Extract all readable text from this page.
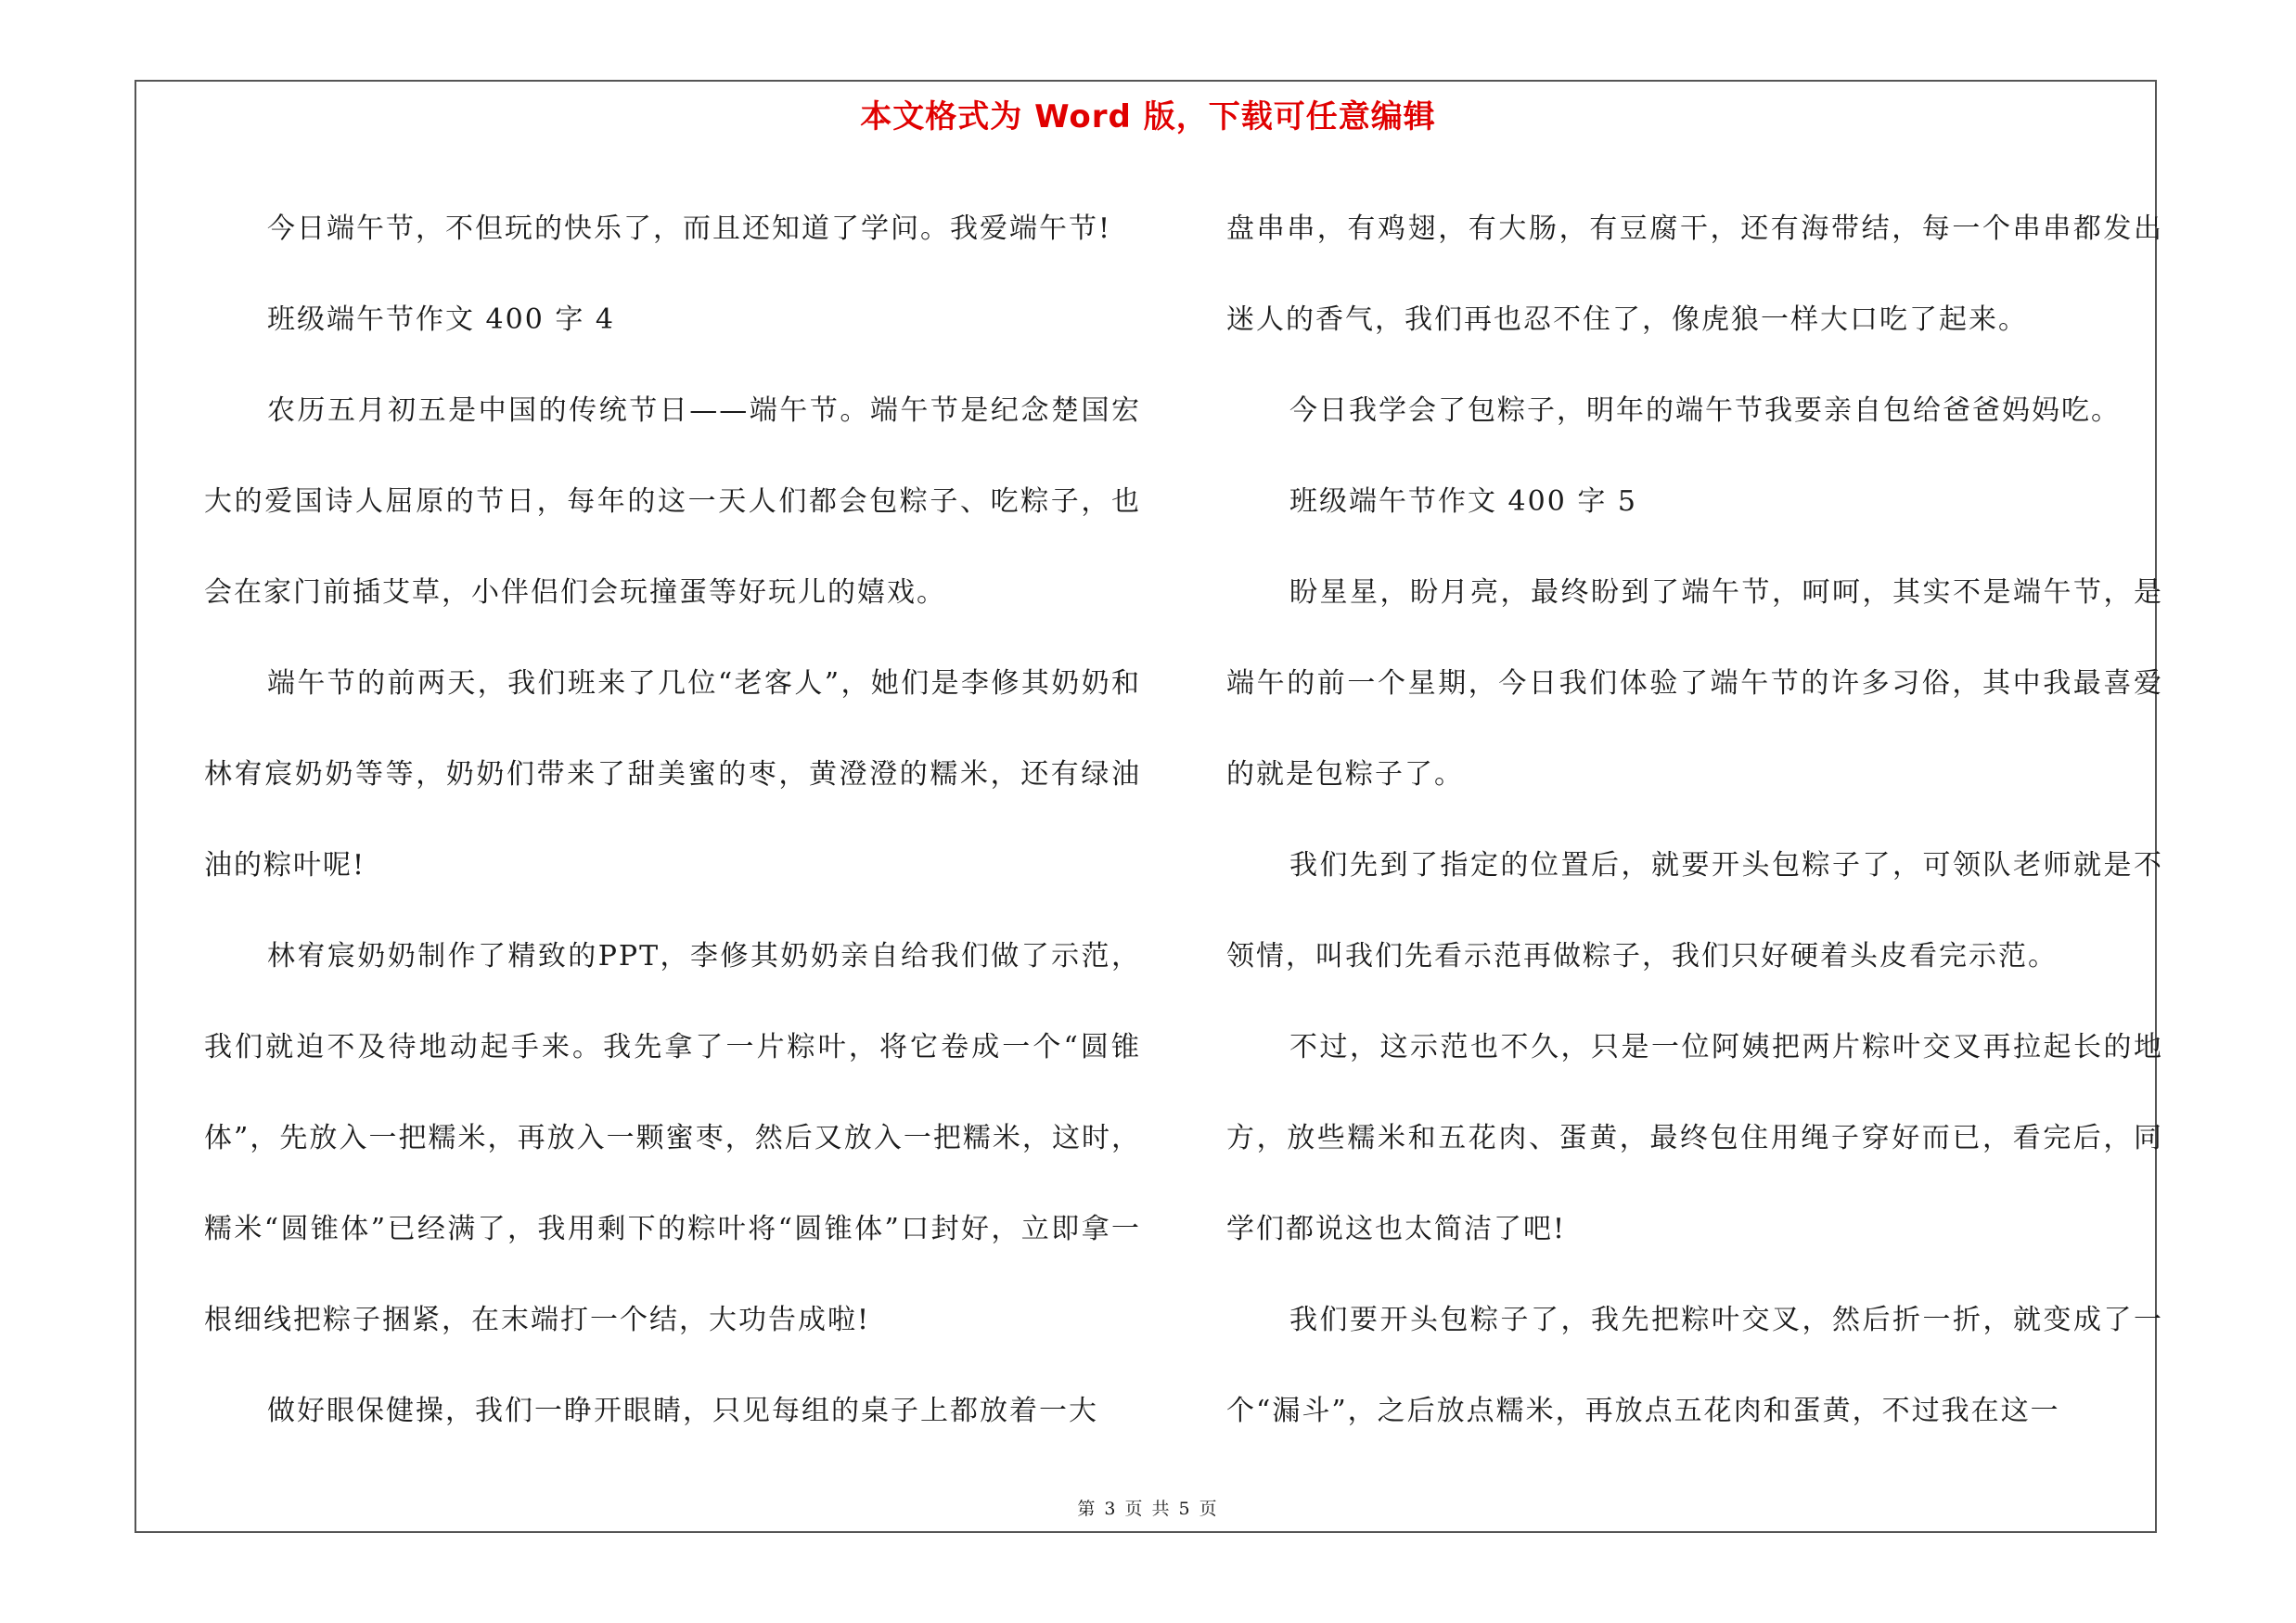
本文格式为 Word 版，下载可任意编辑

今日端午节，不但玩的快乐了，而且还知道了学问。我爱端午节!

班级端午节作文 400 字 4

农历五月初五是中国的传统节日——端午节。端午节是纪念楚国宏大的爱国诗人屈原的节日，每年的这一天人们都会包粽子、吃粽子，也会在家门前插艾草，小伴侣们会玩撞蛋等好玩儿的嬉戏。

端午节的前两天，我们班来了几位“老客人”，她们是李修其奶奶和林宥宸奶奶等等，奶奶们带来了甜美蜜的枣，黄澄澄的糯米，还有绿油油的粽叶呢!

林宥宸奶奶制作了精致的PPT，李修其奶奶亲自给我们做了示范，我们就迫不及待地动起手来。我先拿了一片粽叶，将它卷成一个“圆锥体”，先放入一把糯米，再放入一颗蜜枣，然后又放入一把糯米，这时，糯米“圆锥体”已经满了，我用剩下的粽叶将“圆锥体”口封好，立即拿一根细线把粽子捆紧，在末端打一个结，大功告成啦!

做好眼保健操，我们一睁开眼睛，只见每组的桌子上都放着一大

盘串串，有鸡翅，有大肠，有豆腐干，还有海带结，每一个串串都发出迷人的香气，我们再也忍不住了，像虎狼一样大口吃了起来。

今日我学会了包粽子，明年的端午节我要亲自包给爸爸妈妈吃。

班级端午节作文 400 字 5

盼星星，盼月亮，最终盼到了端午节，呵呵，其实不是端午节，是端午的前一个星期，今日我们体验了端午节的许多习俗，其中我最喜爱的就是包粽子了。

我们先到了指定的位置后，就要开头包粽子了，可领队老师就是不领情，叫我们先看示范再做粽子，我们只好硬着头皮看完示范。

不过，这示范也不久，只是一位阿姨把两片粽叶交叉再拉起长的地方，放些糯米和五花肉、蛋黄，最终包住用绳子穿好而已，看完后，同学们都说这也太简洁了吧!

我们要开头包粽子了，我先把粽叶交叉，然后折一折，就变成了一个“漏斗”，之后放点糯米，再放点五花肉和蛋黄，不过我在这一

第 3 页 共 5 页
